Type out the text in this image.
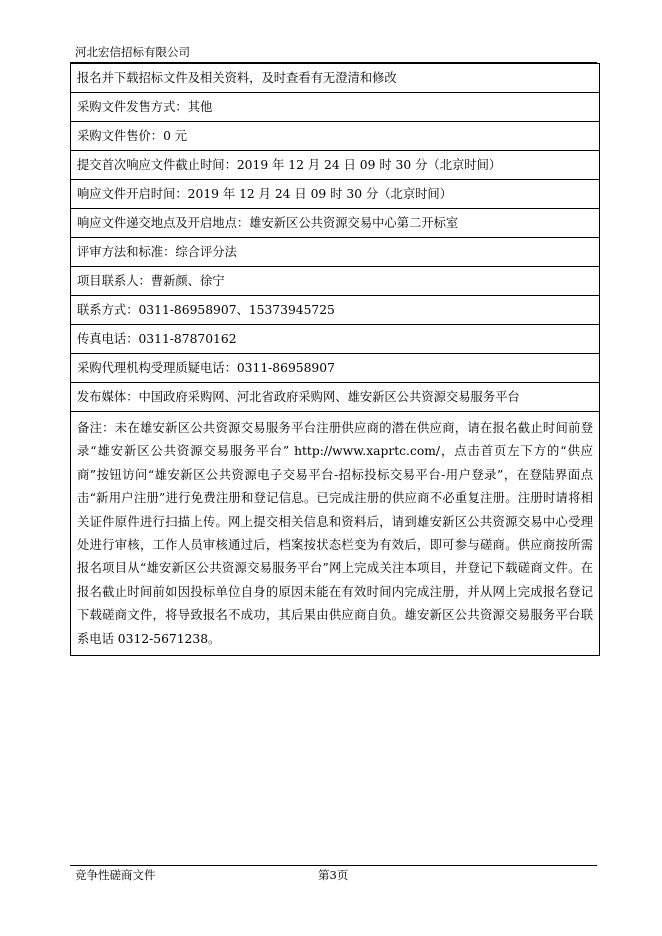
河北宏信招标有限公司
报名并下载招标文件及相关资料，及时查看有无澄清和修改
采购文件发售方式：其他
采购文件售价：0 元
提交首次响应文件截止时间：2019 年 12 月 24 日 09 时 30 分（北京时间）
响应文件开启时间：2019 年 12 月 24 日 09 时 30 分（北京时间）
响应文件递交地点及开启地点：雄安新区公共资源交易中心第二开标室
评审方法和标准：综合评分法
项目联系人：曹新颜、徐宁
联系方式：0311-86958907、15373945725
传真电话：0311-87870162
采购代理机构受理质疑电话：0311-86958907
发布媒体：中国政府采购网、河北省政府采购网、雄安新区公共资源交易服务平台
备注：未在雄安新区公共资源交易服务平台注册供应商的潜在供应商，请在报名截止时间前登录“雄安新区公共资源交易服务平台” http://www.xaprtc.com/，点击首页左下方的“供应商”按钮访问“雄安新区公共资源电子交易平台-招标投标交易平台-用户登录”，在登陆界面点击“新用户注册”进行免费注册和登记信息。已完成注册的供应商不必重复注册。注册时请将相关证件原件进行扫描上传。网上提交相关信息和资料后，请到雄安新区公共资源交易中心受理处进行审核，工作人员审核通过后，档案按状态栏变为有效后，即可参与磋商。供应商按所需报名项目从“雄安新区公共资源交易服务平台”网上完成关注本项目，并登记下载磋商文件。在报名截止时间前如因投标单位自身的原因未能在有效时间内完成注册，并从网上完成报名登记下载磋商文件，将导致报名不成功，其后果由供应商自负。雄安新区公共资源交易服务平台联系电话 0312-5671238。
竞争性磋商文件	第3页
